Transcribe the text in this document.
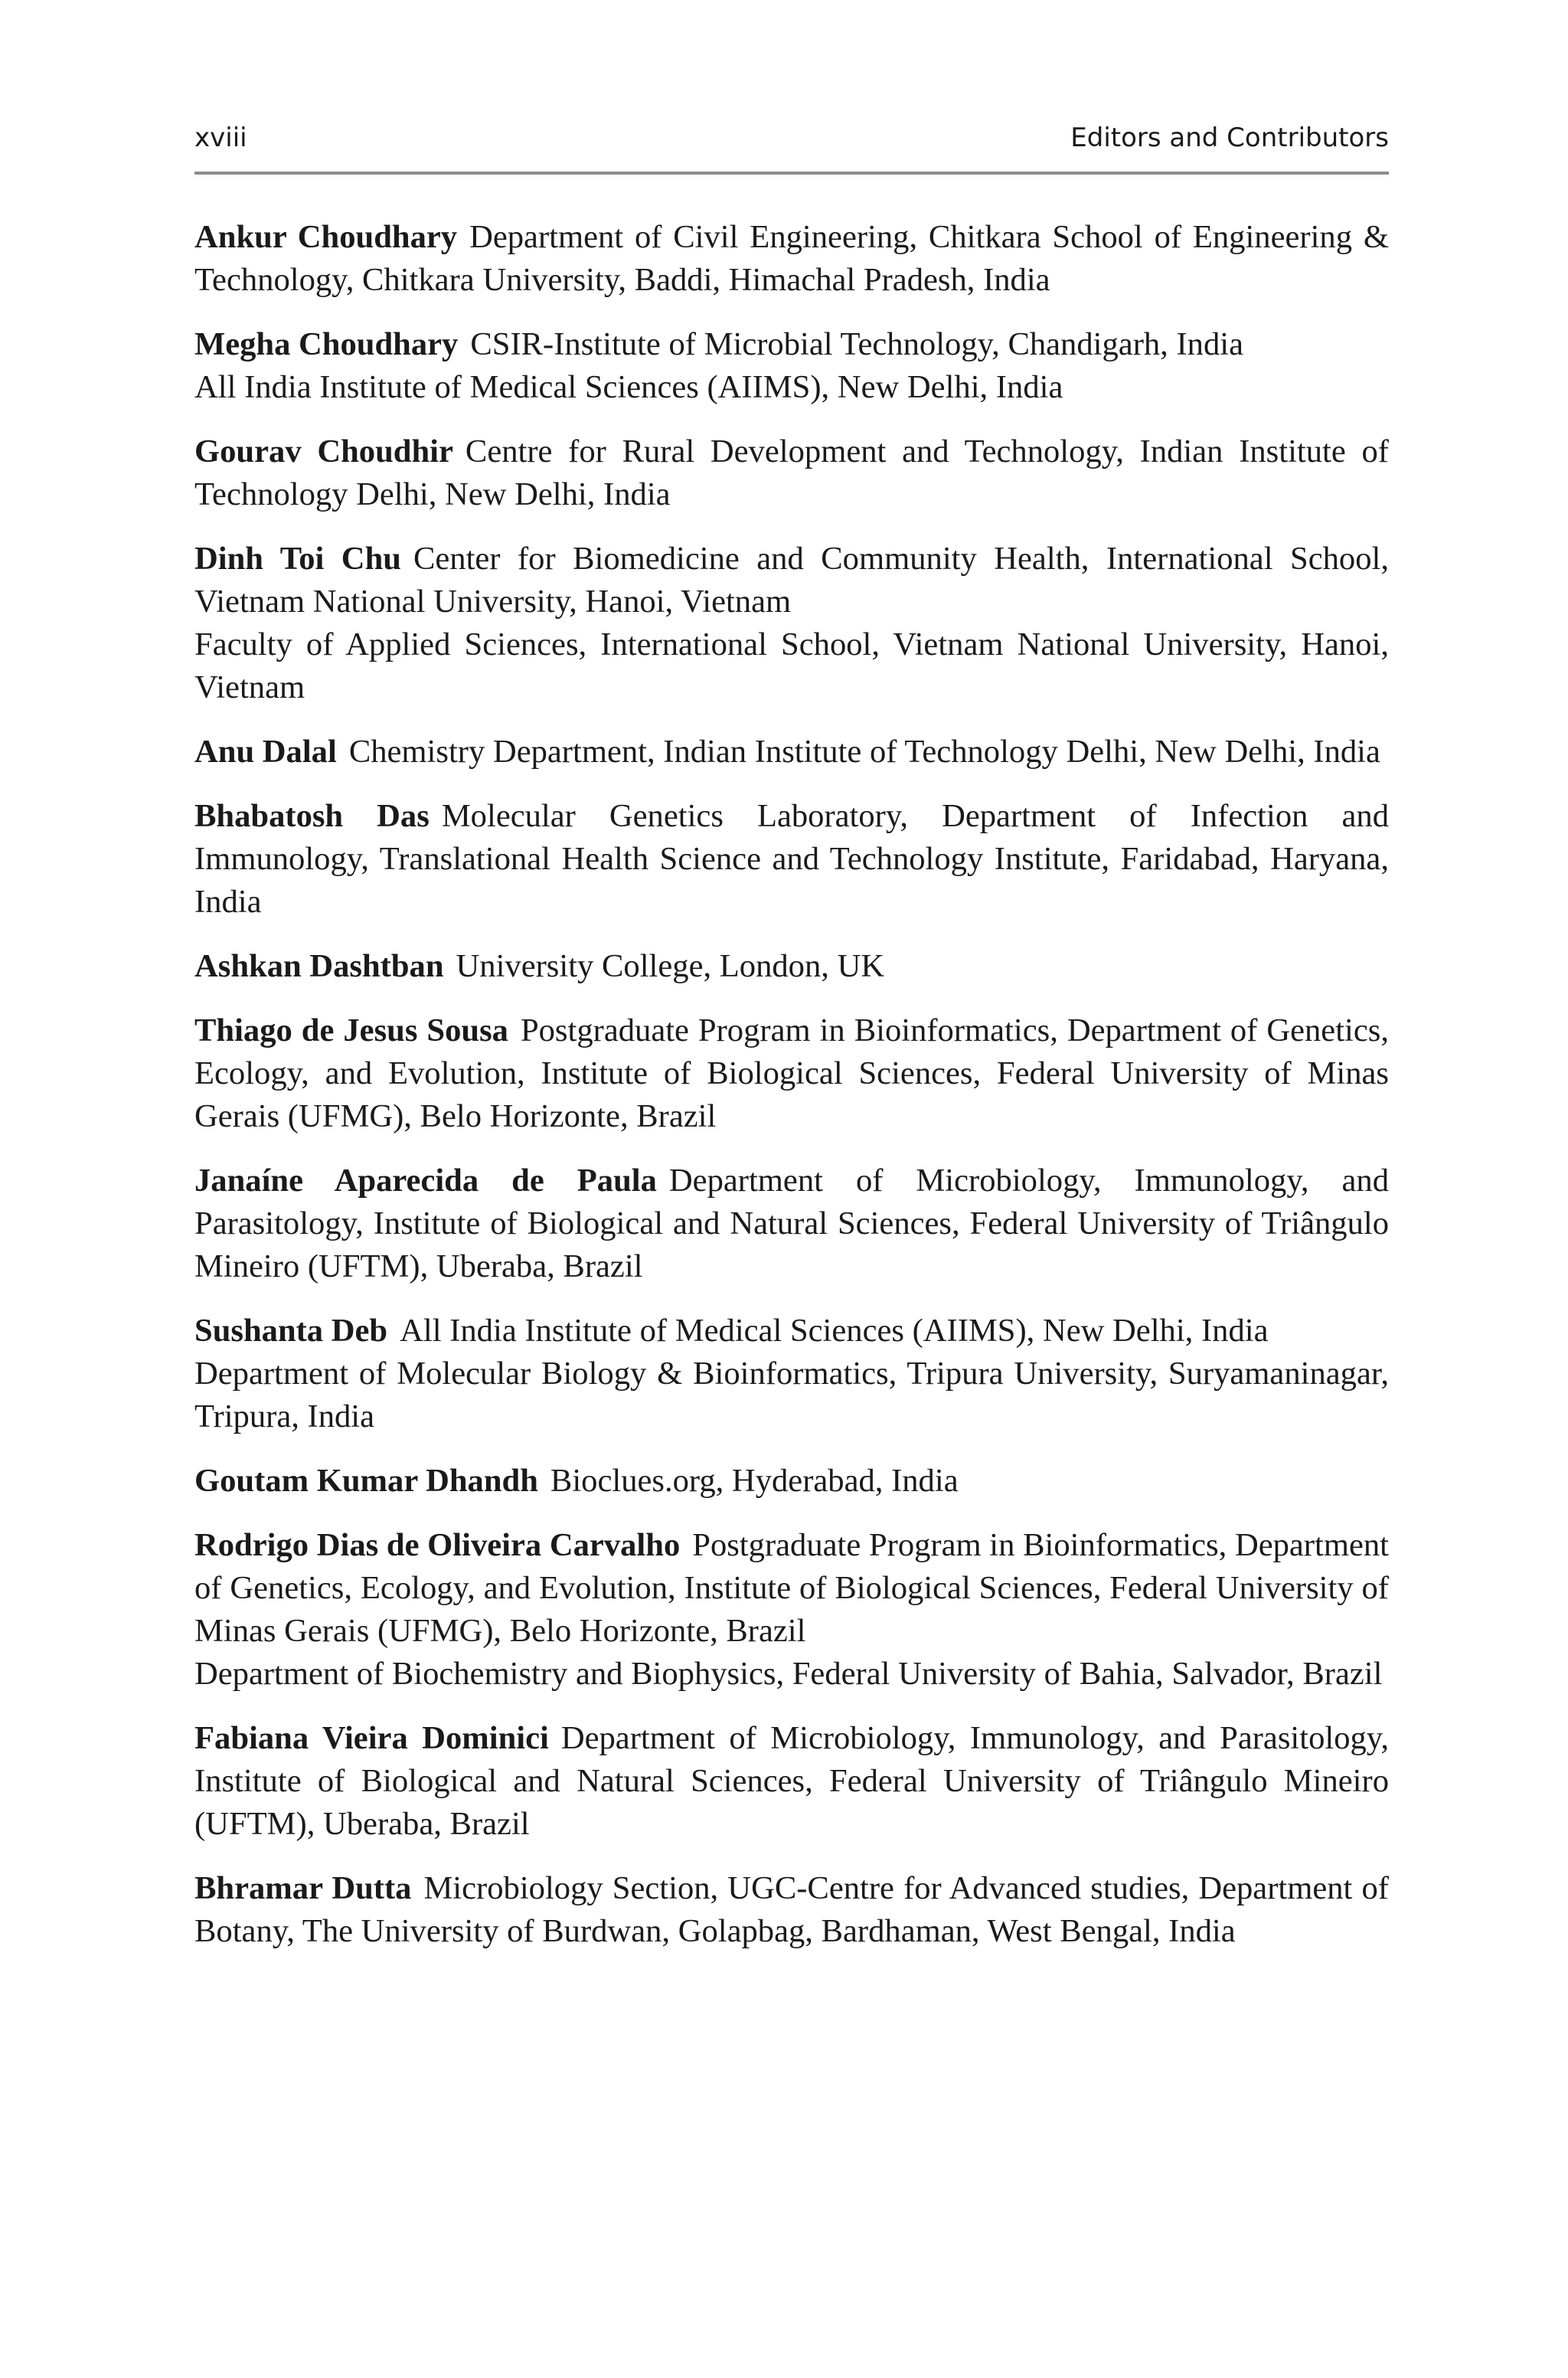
xviii	Editors and Contributors
Ankur Choudhary Department of Civil Engineering, Chitkara School of Engineering & Technology, Chitkara University, Baddi, Himachal Pradesh, India
Megha Choudhary CSIR-Institute of Microbial Technology, Chandigarh, India
All India Institute of Medical Sciences (AIIMS), New Delhi, India
Gourav Choudhir Centre for Rural Development and Technology, Indian Institute of Technology Delhi, New Delhi, India
Dinh Toi Chu Center for Biomedicine and Community Health, International School, Vietnam National University, Hanoi, Vietnam
Faculty of Applied Sciences, International School, Vietnam National University, Hanoi, Vietnam
Anu Dalal Chemistry Department, Indian Institute of Technology Delhi, New Delhi, India
Bhabatosh Das Molecular Genetics Laboratory, Department of Infection and Immunology, Translational Health Science and Technology Institute, Faridabad, Haryana, India
Ashkan Dashtban University College, London, UK
Thiago de Jesus Sousa Postgraduate Program in Bioinformatics, Department of Genetics, Ecology, and Evolution, Institute of Biological Sciences, Federal University of Minas Gerais (UFMG), Belo Horizonte, Brazil
Janaíne Aparecida de Paula Department of Microbiology, Immunology, and Parasitology, Institute of Biological and Natural Sciences, Federal University of Triângulo Mineiro (UFTM), Uberaba, Brazil
Sushanta Deb All India Institute of Medical Sciences (AIIMS), New Delhi, India
Department of Molecular Biology & Bioinformatics, Tripura University, Suryamaninagar, Tripura, India
Goutam Kumar Dhandh Bioclues.org, Hyderabad, India
Rodrigo Dias de Oliveira Carvalho Postgraduate Program in Bioinformatics, Department of Genetics, Ecology, and Evolution, Institute of Biological Sciences, Federal University of Minas Gerais (UFMG), Belo Horizonte, Brazil
Department of Biochemistry and Biophysics, Federal University of Bahia, Salvador, Brazil
Fabiana Vieira Dominici Department of Microbiology, Immunology, and Parasitology, Institute of Biological and Natural Sciences, Federal University of Triângulo Mineiro (UFTM), Uberaba, Brazil
Bhramar Dutta Microbiology Section, UGC-Centre for Advanced studies, Department of Botany, The University of Burdwan, Golapbag, Bardhaman, West Bengal, India
